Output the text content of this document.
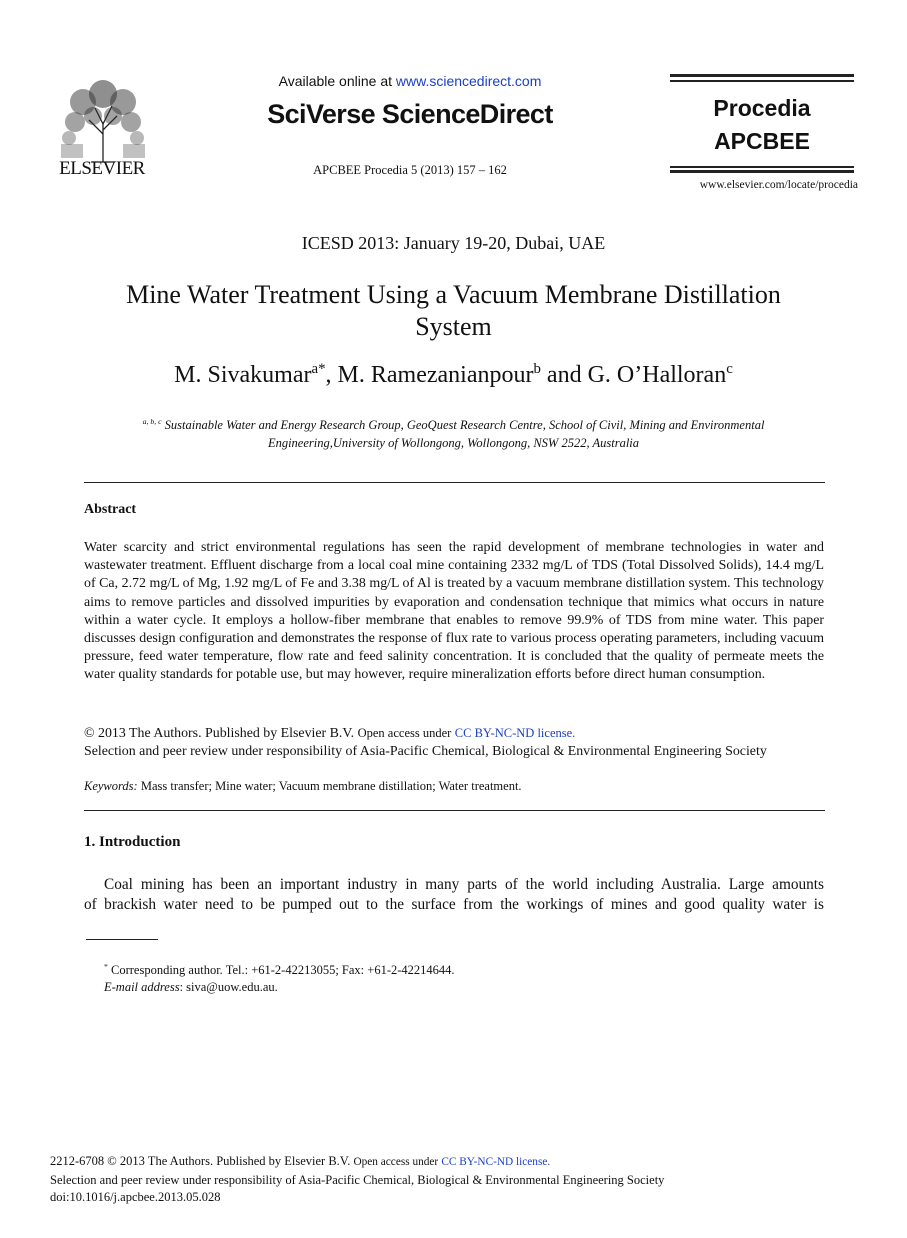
ELSEVIER
Available online at www.sciencedirect.com
SciVerse ScienceDirect
APCBEE Procedia 5 (2013) 157 – 162
Procedia
APCBEE
www.elsevier.com/locate/procedia
ICESD 2013: January 19-20, Dubai, UAE
Mine Water Treatment Using a Vacuum Membrane Distillation
System
M. Sivakumar$^{a*}$, M. Ramezanianpour$^b$ and G. O’Halloran$^c$
$^{a, b, c}$ Sustainable Water and Energy Research Group, GeoQuest Research Centre, School of Civil, Mining and Environmental
Engineering,University of Wollongong, Wollongong, NSW 2522, Australia
Abstract
Water scarcity and strict environmental regulations has seen the rapid development of membrane technologies in water and wastewater treatment. Effluent discharge from a local coal mine containing 2332 mg/L of TDS (Total Dissolved Solids), 14.4 mg/L of Ca, 2.72 mg/L of Mg, 1.92 mg/L of Fe and 3.38 mg/L of Al is treated by a vacuum membrane distillation system. This technology aims to remove particles and dissolved impurities by evaporation and condensation technique that mimics what occurs in nature within a water cycle. It employs a hollow-fiber membrane that enables to remove 99.9% of TDS from mine water. This paper discusses design configuration and demonstrates the response of flux rate to various process operating parameters, including vacuum pressure, feed water temperature, flow rate and feed salinity concentration. It is concluded that the quality of permeate meets the water quality standards for potable use, but may however, require mineralization efforts before direct human consumption.
© 2013 The Authors. Published by Elsevier B.V. Open access under CC BY-NC-ND license.
Selection and peer review under responsibility of Asia-Pacific Chemical, Biological & Environmental Engineering Society
Keywords: Mass transfer; Mine water; Vacuum membrane distillation; Water treatment.
1. Introduction
Coal mining has been an important industry in many parts of the world including Australia. Large amounts
of brackish water need to be pumped out to the surface from the workings of mines and good quality water is
* Corresponding author. Tel.: +61-2-42213055; Fax: +61-2-42214644.
E-mail address: siva@uow.edu.au.
2212-6708 © 2013 The Authors. Published by Elsevier B.V. Open access under CC BY-NC-ND license.
Selection and peer review under responsibility of Asia-Pacific Chemical, Biological & Environmental Engineering Society
doi:10.1016/j.apcbee.2013.05.028
